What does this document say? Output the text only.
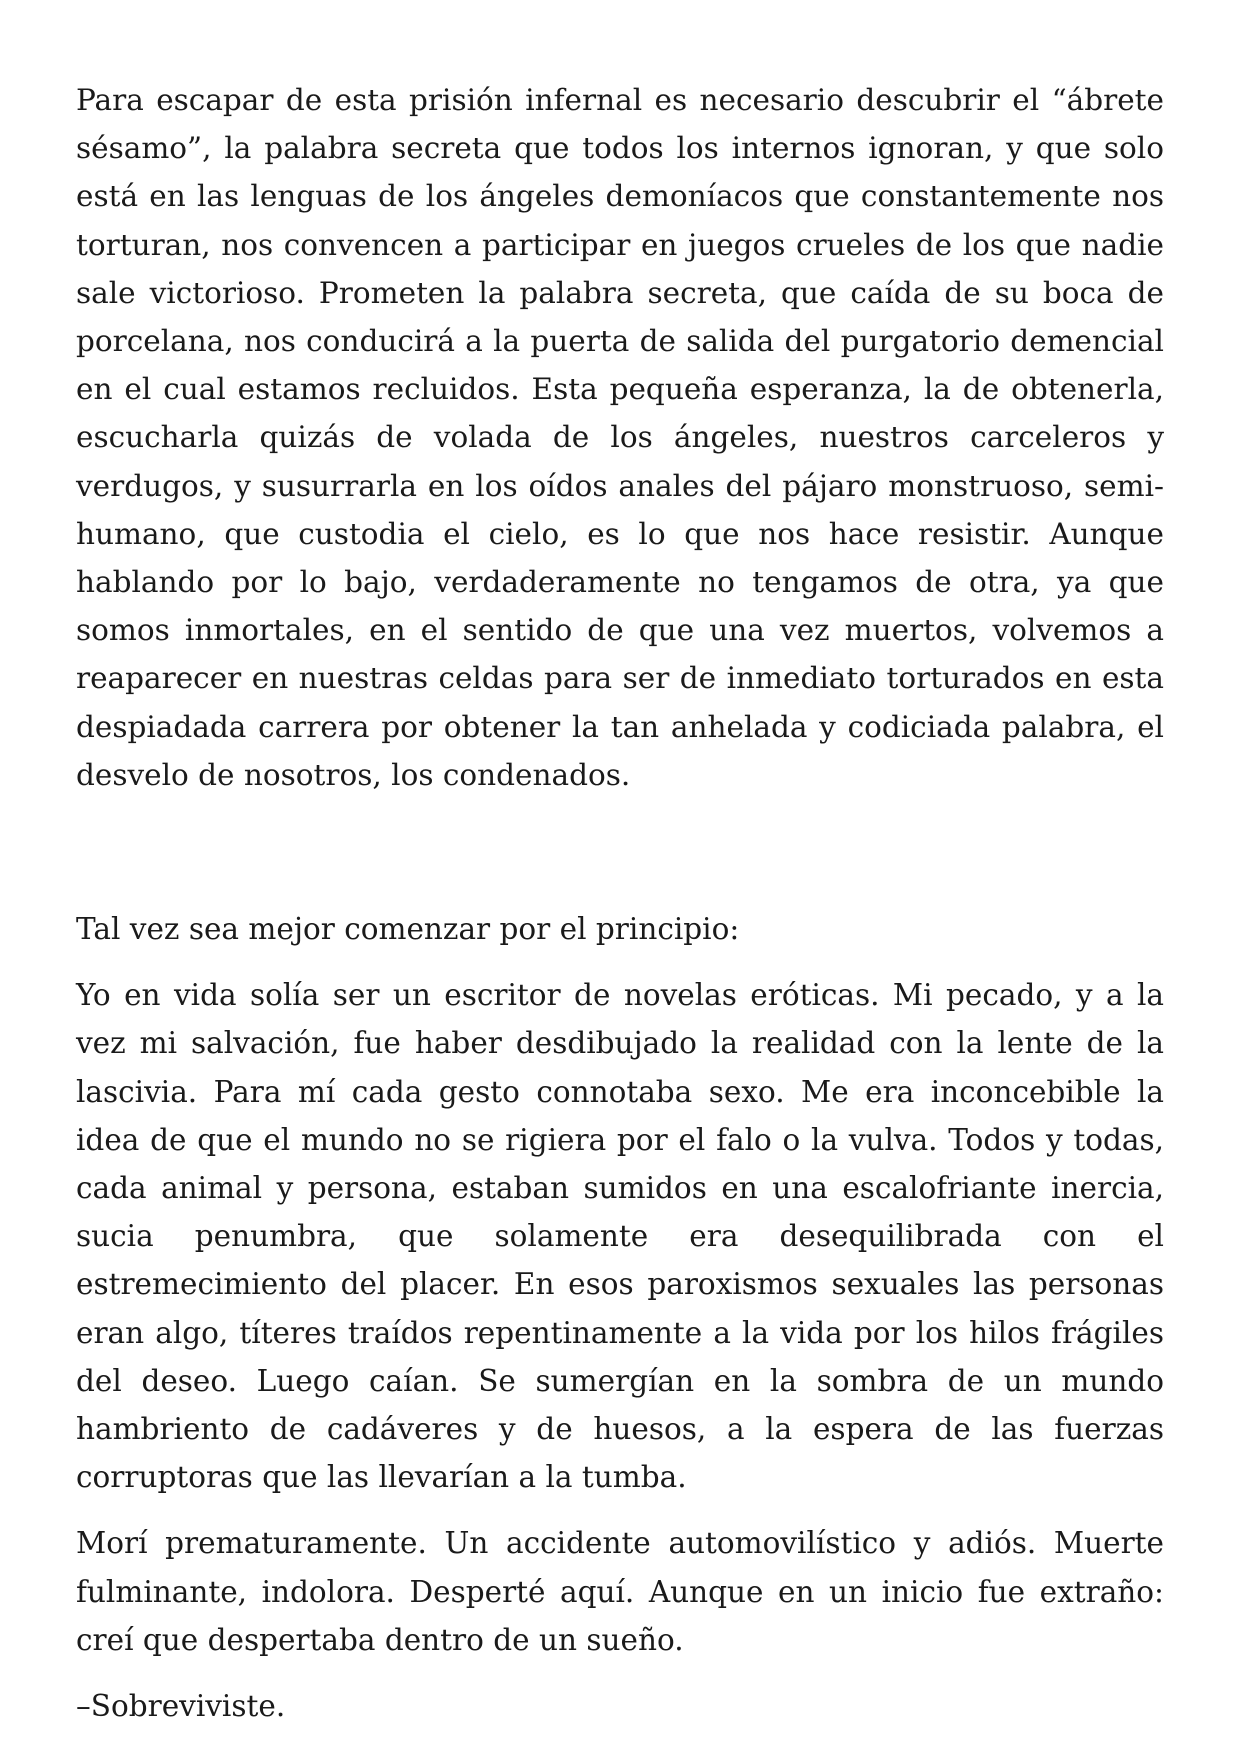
Para escapar de esta prisión infernal es necesario descubrir el “ábrete sésamo”, la palabra secreta que todos los internos ignoran, y que solo está en las lenguas de los ángeles demoníacos que constantemente nos torturan, nos convencen a participar en juegos crueles de los que nadie sale victorioso. Prometen la palabra secreta, que caída de su boca de porcelana, nos conducirá a la puerta de salida del purgatorio demencial en el cual estamos recluidos. Esta pequeña esperanza, la de obtenerla, escucharla quizás de volada de los ángeles, nuestros carceleros y verdugos, y susurrarla en los oídos anales del pájaro monstruoso, semi-humano, que custodia el cielo, es lo que nos hace resistir. Aunque hablando por lo bajo, verdaderamente no tengamos de otra, ya que somos inmortales, en el sentido de que una vez muertos, volvemos a reaparecer en nuestras celdas para ser de inmediato torturados en esta despiadada carrera por obtener la tan anhelada y codiciada palabra, el desvelo de nosotros, los condenados.

Tal vez sea mejor comenzar por el principio:

Yo en vida solía ser un escritor de novelas eróticas. Mi pecado, y a la vez mi salvación, fue haber desdibujado la realidad con la lente de la lascivia. Para mí cada gesto connotaba sexo. Me era inconcebible la idea de que el mundo no se rigiera por el falo o la vulva. Todos y todas, cada animal y persona, estaban sumidos en una escalofriante inercia, sucia penumbra, que solamente era desequilibrada con el estremecimiento del placer. En esos paroxismos sexuales las personas eran algo, títeres traídos repentinamente a la vida por los hilos frágiles del deseo. Luego caían. Se sumergían en la sombra de un mundo hambriento de cadáveres y de huesos, a la espera de las fuerzas corruptoras que las llevarían a la tumba.

Morí prematuramente. Un accidente automovilístico y adiós. Muerte fulminante, indolora. Desperté aquí. Aunque en un inicio fue extraño: creí que despertaba dentro de un sueño.

–Sobreviviste.
